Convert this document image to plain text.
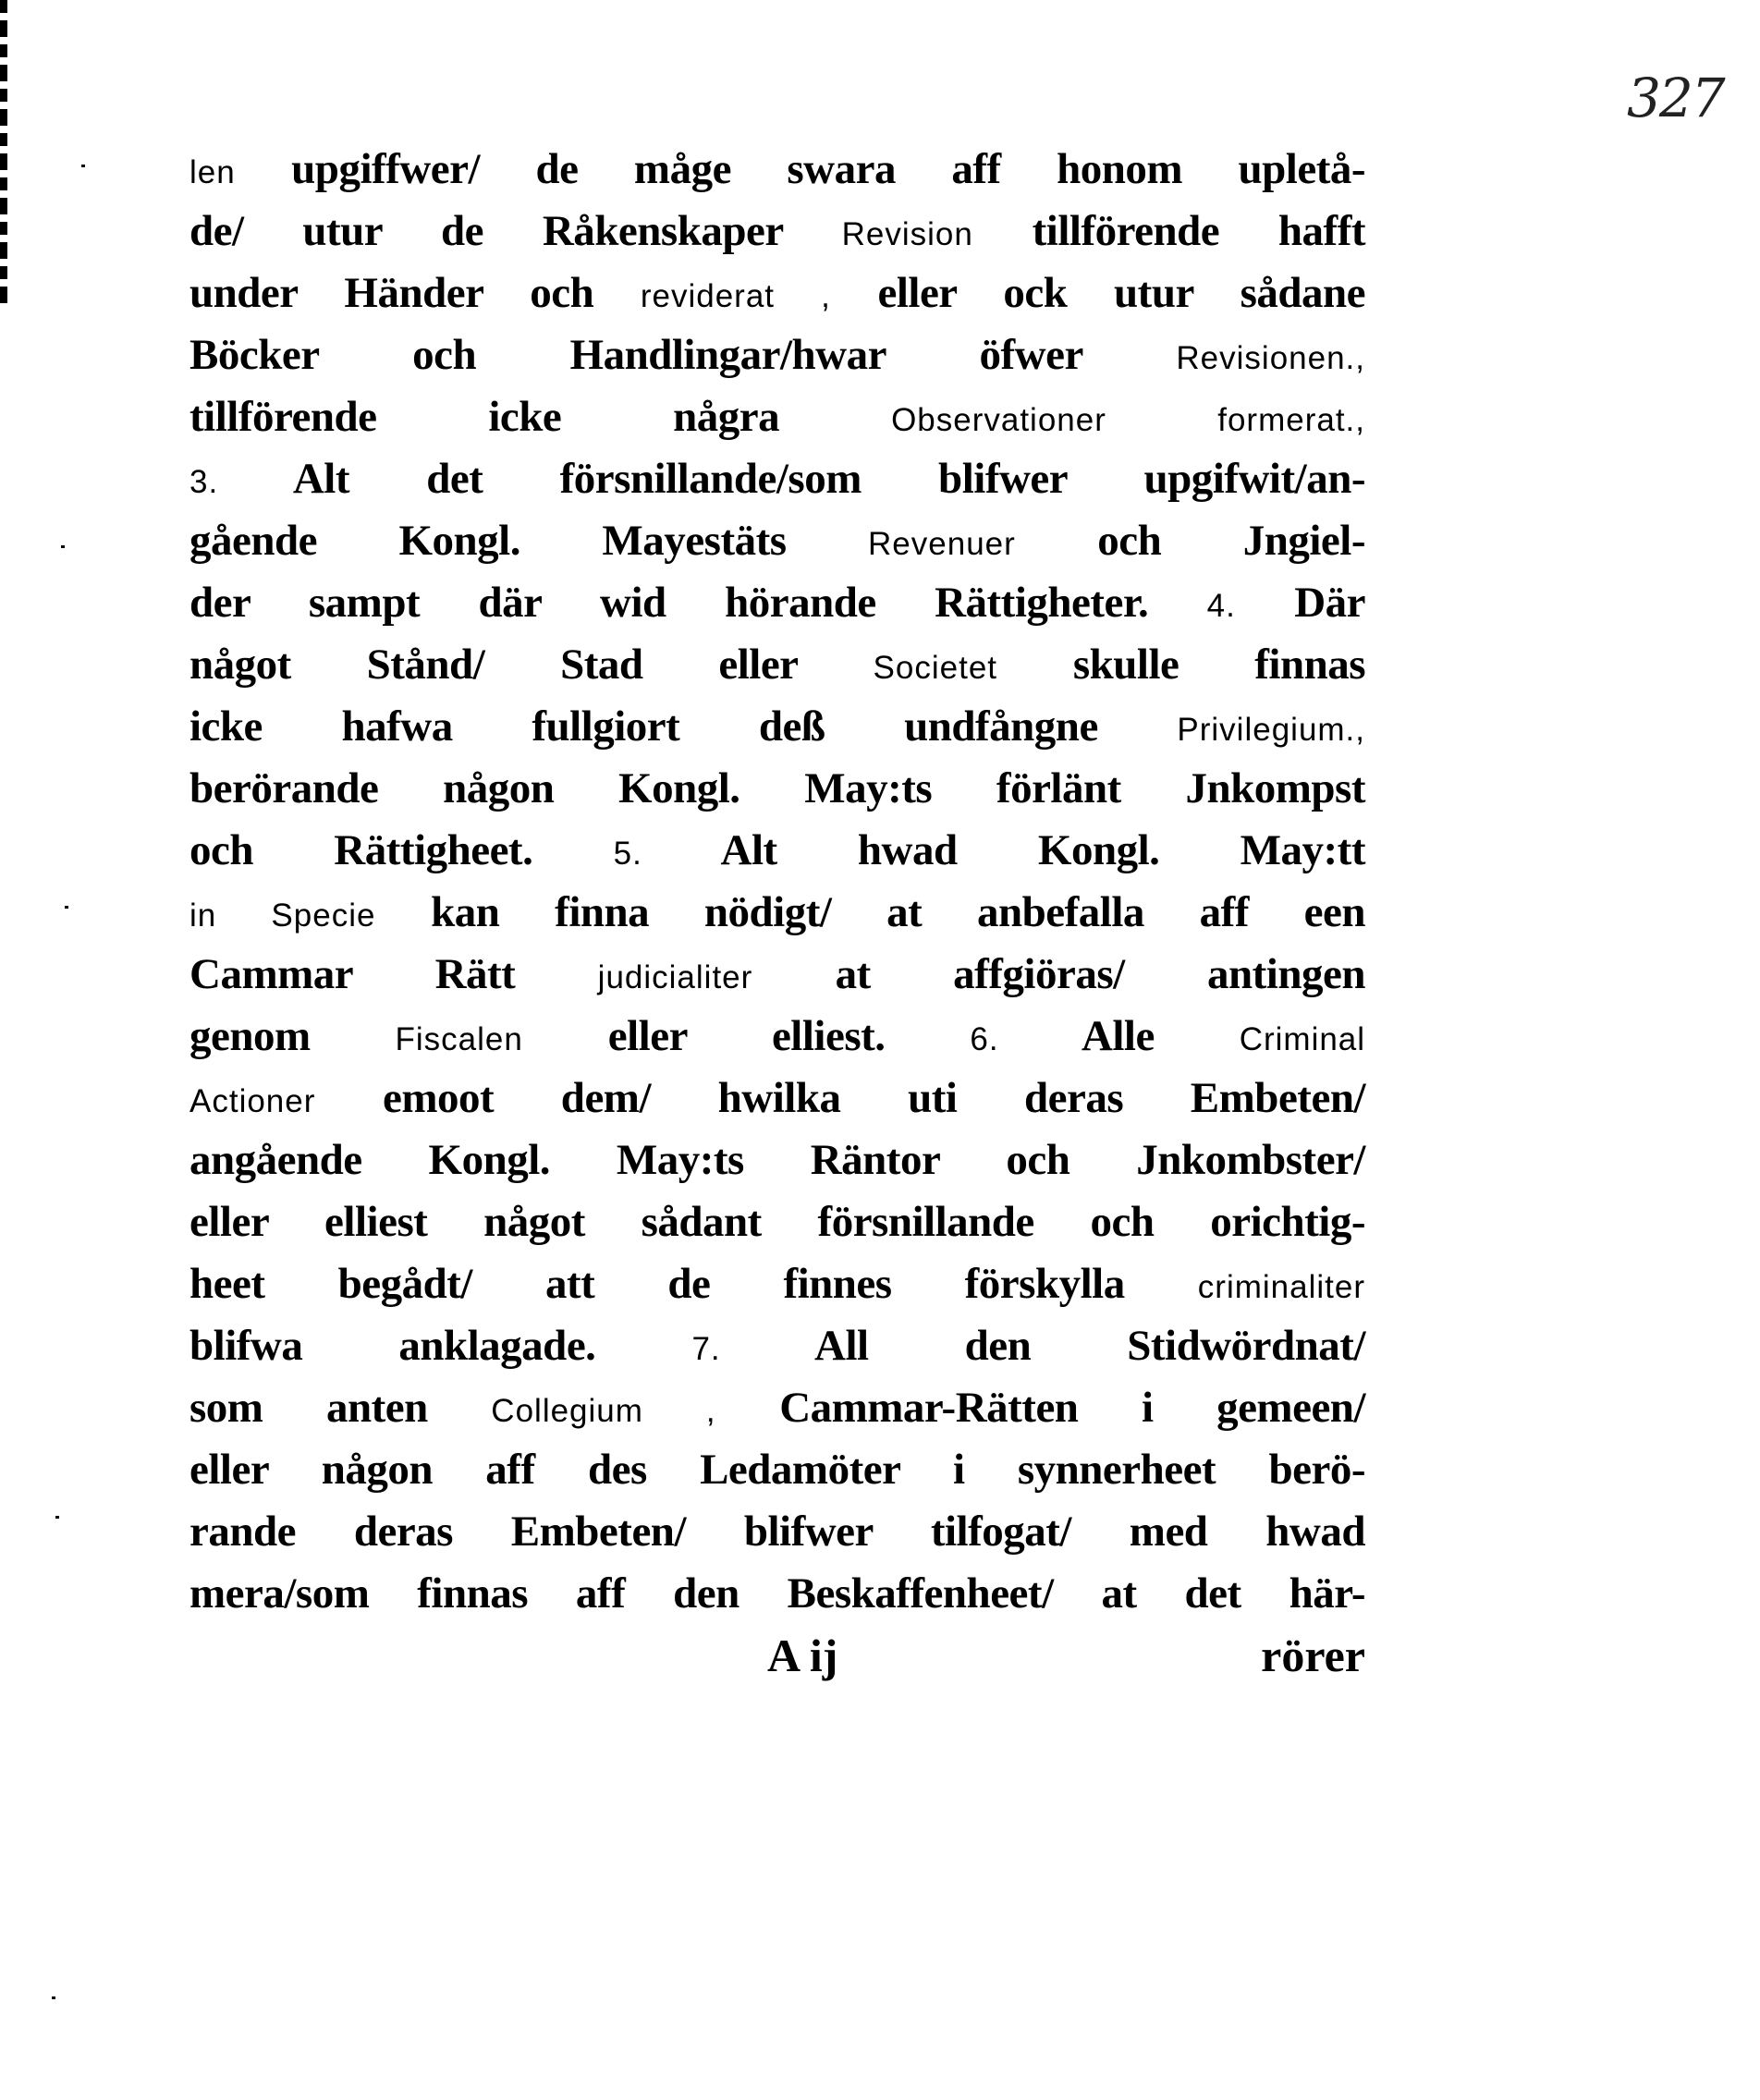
327
len upgiffwer/ de måge swara aff honom upletå-
de/ utur de Råkenskaper Revision tillförende hafft
under Händer och reviderat , eller ock utur sådane
Böcker och Handlingar/hwar öfwer	Revisionen.,
tillförende icke några	Observationer formerat.,
3. Alt det försnillande/som blifwer upgifwit/an-
gående Kongl. Mayestäts	Revenuer och Jngiel-
der sampt där wid hörande Rättigheter. 4. Där
något Stånd/ Stad eller Societet skulle finnas
icke hafwa fullgiort deß undfångne Privilegium.,
berörande någon Kongl. May:ts förlänt Jnkompst
och Rättigheet. 5. Alt hwad Kongl. May:tt
in Specie kan finna nödigt/ at anbefalla aff een
Cammar Rätt	judicialiter at affgiöras/ antingen
genom	Fiscalen eller elliest.	6. Alle	Criminal
Actioner emoot dem/ hwilka uti deras Embeten/
angående Kongl. May:ts Räntor och Jnkombster/
eller elliest något sådant försnillande och orichtig-
heet begådt/ att de finnes förskylla criminaliter
blifwa anklagade.	7. All den Stidwördnat/
som anten Collegium , Cammar-Rätten i gemeen/
eller någon aff des Ledamöter i synnerheet berö-
rande deras Embeten/ blifwer tilfogat/ med hwad
mera/som finnas aff den Beskaffenheet/ at det här-
A ij	rörer
